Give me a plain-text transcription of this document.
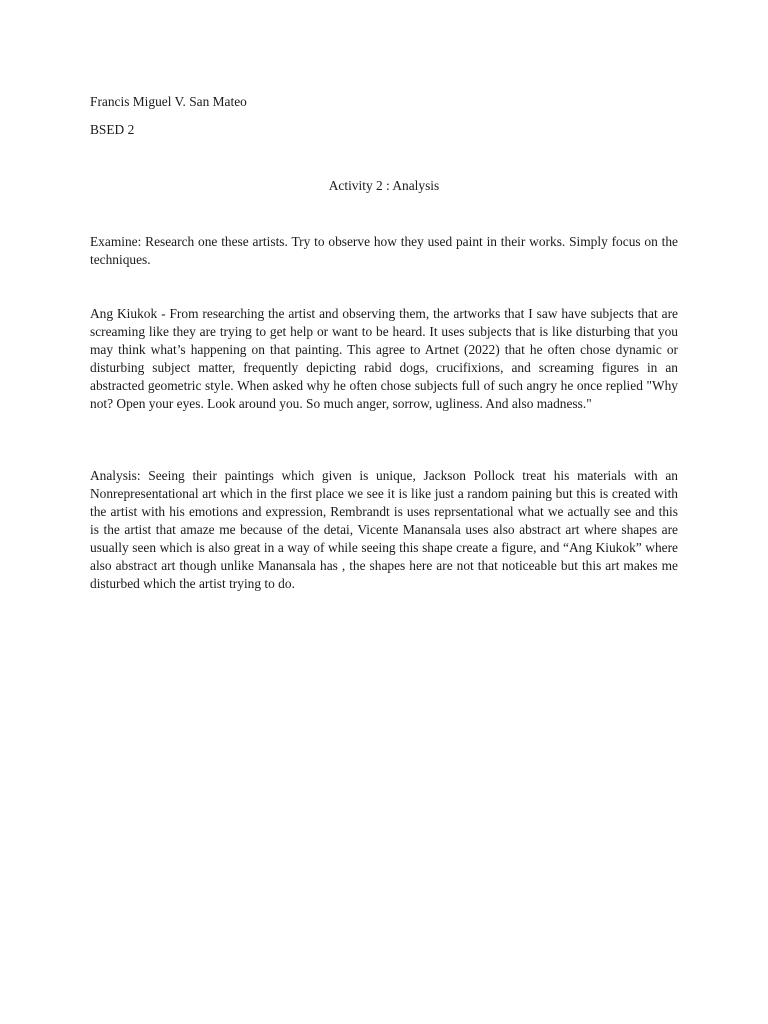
Francis Miguel V. San Mateo

BSED 2

Activity 2 : Analysis

Examine: Research one these artists. Try to observe how they used paint in their works. Simply focus on the techniques.

Ang Kiukok - From researching the artist and observing them, the artworks that I saw have subjects that are screaming like they are trying to get help or want to be heard. It uses subjects that is like disturbing that you may think what’s happening on that painting. This agree to Artnet (2022) that he often chose dynamic or disturbing subject matter, frequently depicting rabid dogs, crucifixions, and screaming figures in an abstracted geometric style. When asked why he often chose subjects full of such angry he once replied "Why not? Open your eyes. Look around you. So much anger, sorrow, ugliness. And also madness."

Analysis: Seeing their paintings which given is unique, Jackson Pollock treat his materials with an Nonrepresentational art which in the first place we see it is like just a random paining but this is created with the artist with his emotions and expression, Rembrandt is uses reprsentational what we actually see and this is the artist that amaze me because of the detai, Vicente Manansala uses also abstract art where shapes are usually seen which is also great in a way of while seeing this shape create a figure, and “Ang Kiukok” where also abstract art though unlike Manansala has , the shapes here are not that noticeable but this art makes me disturbed which the artist trying to do.
